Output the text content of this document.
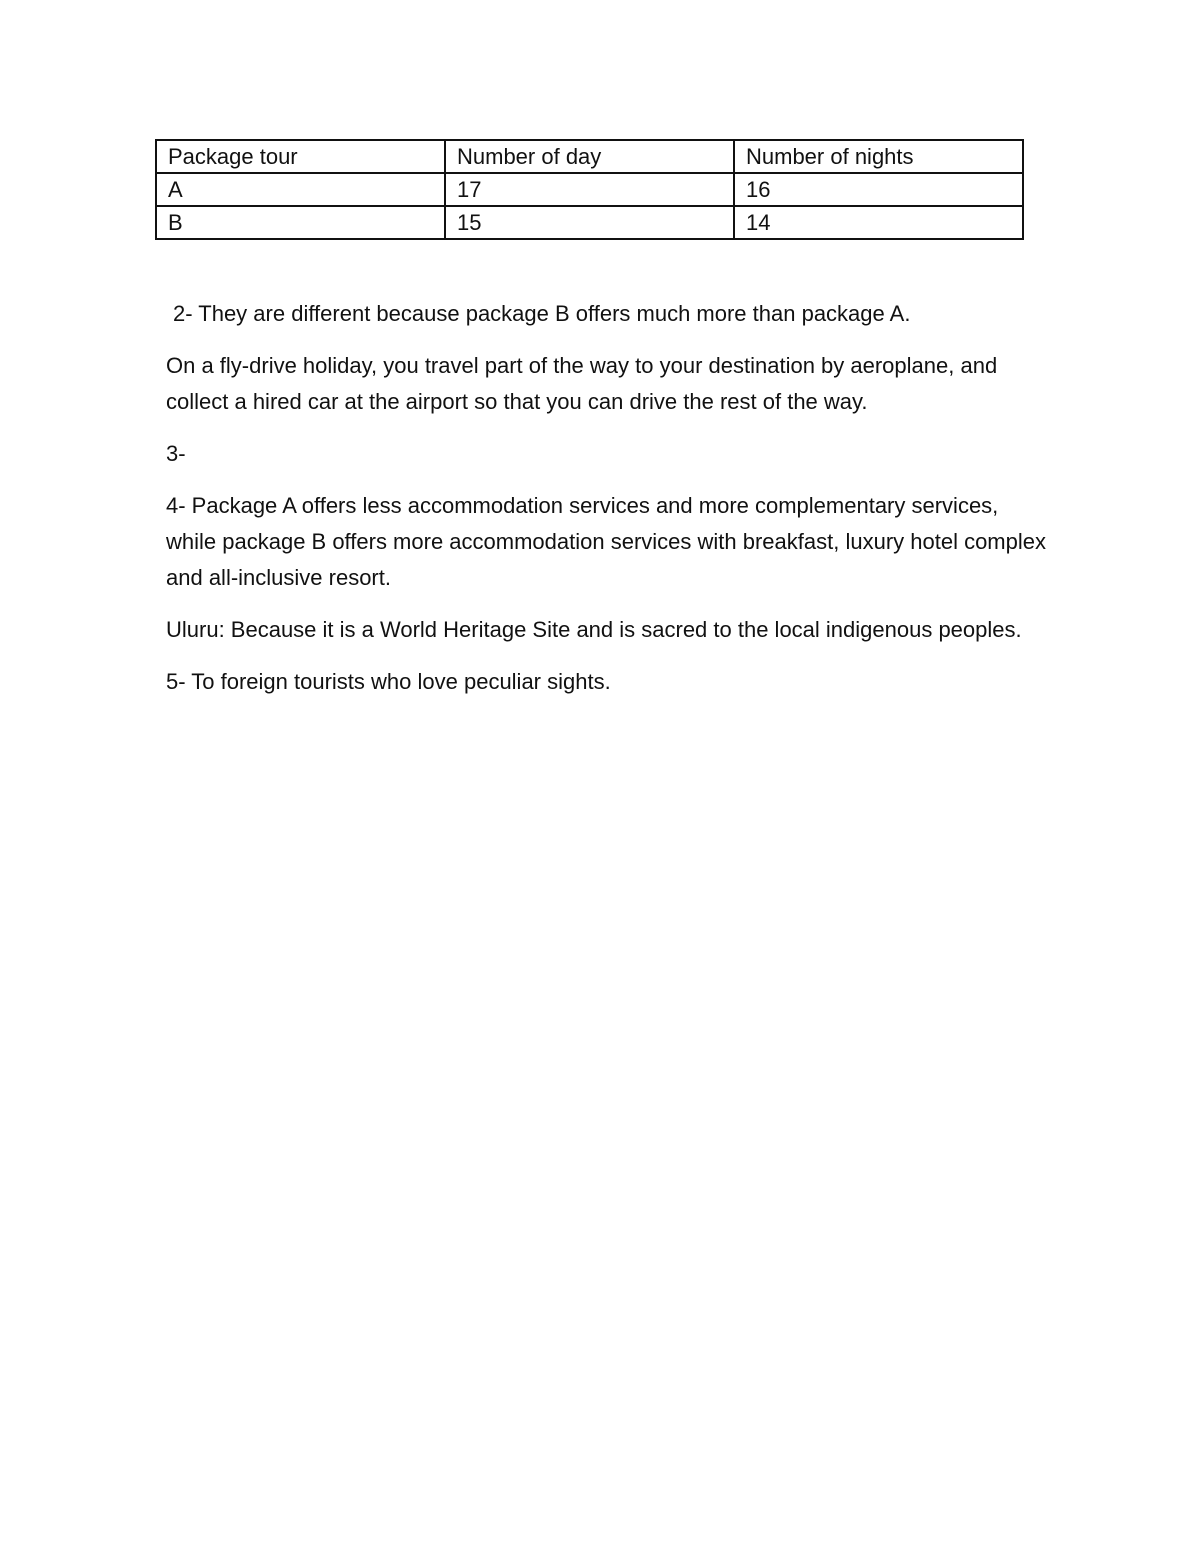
Package tour	Number of day	Number of nights
A	17	16
B	15	14

2- They are different because package B offers much more than package A.

On a fly-drive holiday, you travel part of the way to your destination by aeroplane, and collect a hired car at the airport so that you can drive the rest of the way.

3-

4- Package A offers less accommodation services and more complementary services, while package B offers more accommodation services with breakfast, luxury hotel complex and all-inclusive resort.

Uluru: Because it is a World Heritage Site and is sacred to the local indigenous peoples.

5- To foreign tourists who love peculiar sights.
